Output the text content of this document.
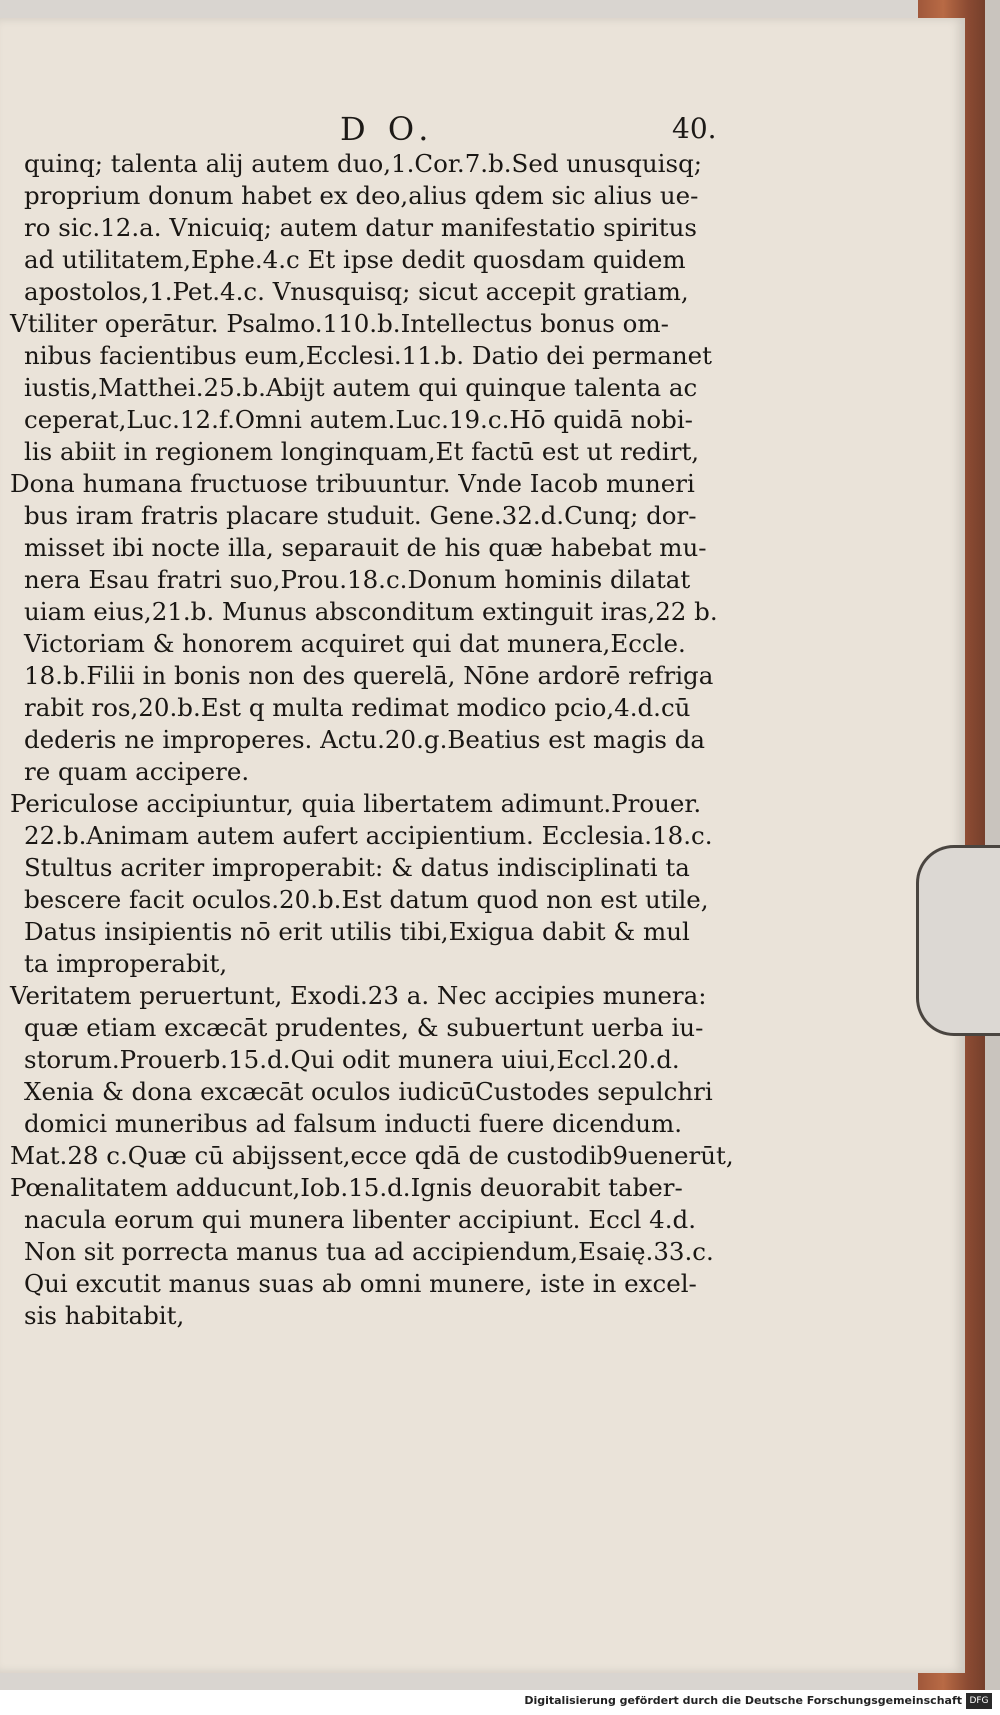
D O.	40.
quinq; talenta alij autem duo,1.Cor.7.b.Sed unusquisq;
proprium donum habet ex deo,alius qdem sic alius ue-
ro sic.12.a. Vnicuiq; autem datur manifestatio spiritus
ad utilitatem,Ephe.4.c Et ipse dedit quosdam quidem
apostolos,1.Pet.4.c. Vnusquisq; sicut accepit gratiam,
Vtiliter operātur. Psalmo.110.b.Intellectus bonus om-
nibus facientibus eum,Ecclesi.11.b. Datio dei permanet
iustis,Matthei.25.b.Abijt autem qui quinque talenta ac
ceperat,Luc.12.f.Omni autem.Luc.19.c.Hō quidā nobi-
lis abiit in regionem longinquam,Et factū est ut redirt,
Dona humana fructuose tribuuntur. Vnde Iacob muneri
bus iram fratris placare studuit. Gene.32.d.Cunq; dor-
misset ibi nocte illa, separauit de his quæ habebat mu-
nera Esau fratri suo,Prou.18.c.Donum hominis dilatat
uiam eius,21.b. Munus absconditum extinguit iras,22 b.
Victoriam & honorem acquiret qui dat munera,Eccle.
18.b.Filii in bonis non des querelā, Nōne ardorē refriga
rabit ros,20.b.Est q multa redimat modico pcio,4.d.cū
dederis ne improperes. Actu.20.g.Beatius est magis da
re quam accipere.
Periculose accipiuntur, quia libertatem adimunt.Prouer.
22.b.Animam autem aufert accipientium. Ecclesia.18.c.
Stultus acriter improperabit: & datus indisciplinati ta
bescere facit oculos.20.b.Est datum quod non est utile,
Datus insipientis nō erit utilis tibi,Exigua dabit & mul
ta improperabit,
Veritatem peruertunt, Exodi.23 a. Nec accipies munera:
quæ etiam excæcāt prudentes, & subuertunt uerba iu-
storum.Prouerb.15.d.Qui odit munera uiui,Eccl.20.d.
Xenia & dona excæcāt oculos iudicūCustodes sepulchri
domici muneribus ad falsum inducti fuere dicendum.
Mat.28 c.Quæ cū abijssent,ecce qdā de custodib9uenerūt,
Pœnalitatem adducunt,Iob.15.d.Ignis deuorabit taber-
nacula eorum qui munera libenter accipiunt. Eccl 4.d.
Non sit porrecta manus tua ad accipiendum,Esaię.33.c.
Qui excutit manus suas ab omni munere, iste in excel-
sis habitabit,
Digitalisierung gefördert durch die Deutsche Forschungsgemeinschaft DFG
